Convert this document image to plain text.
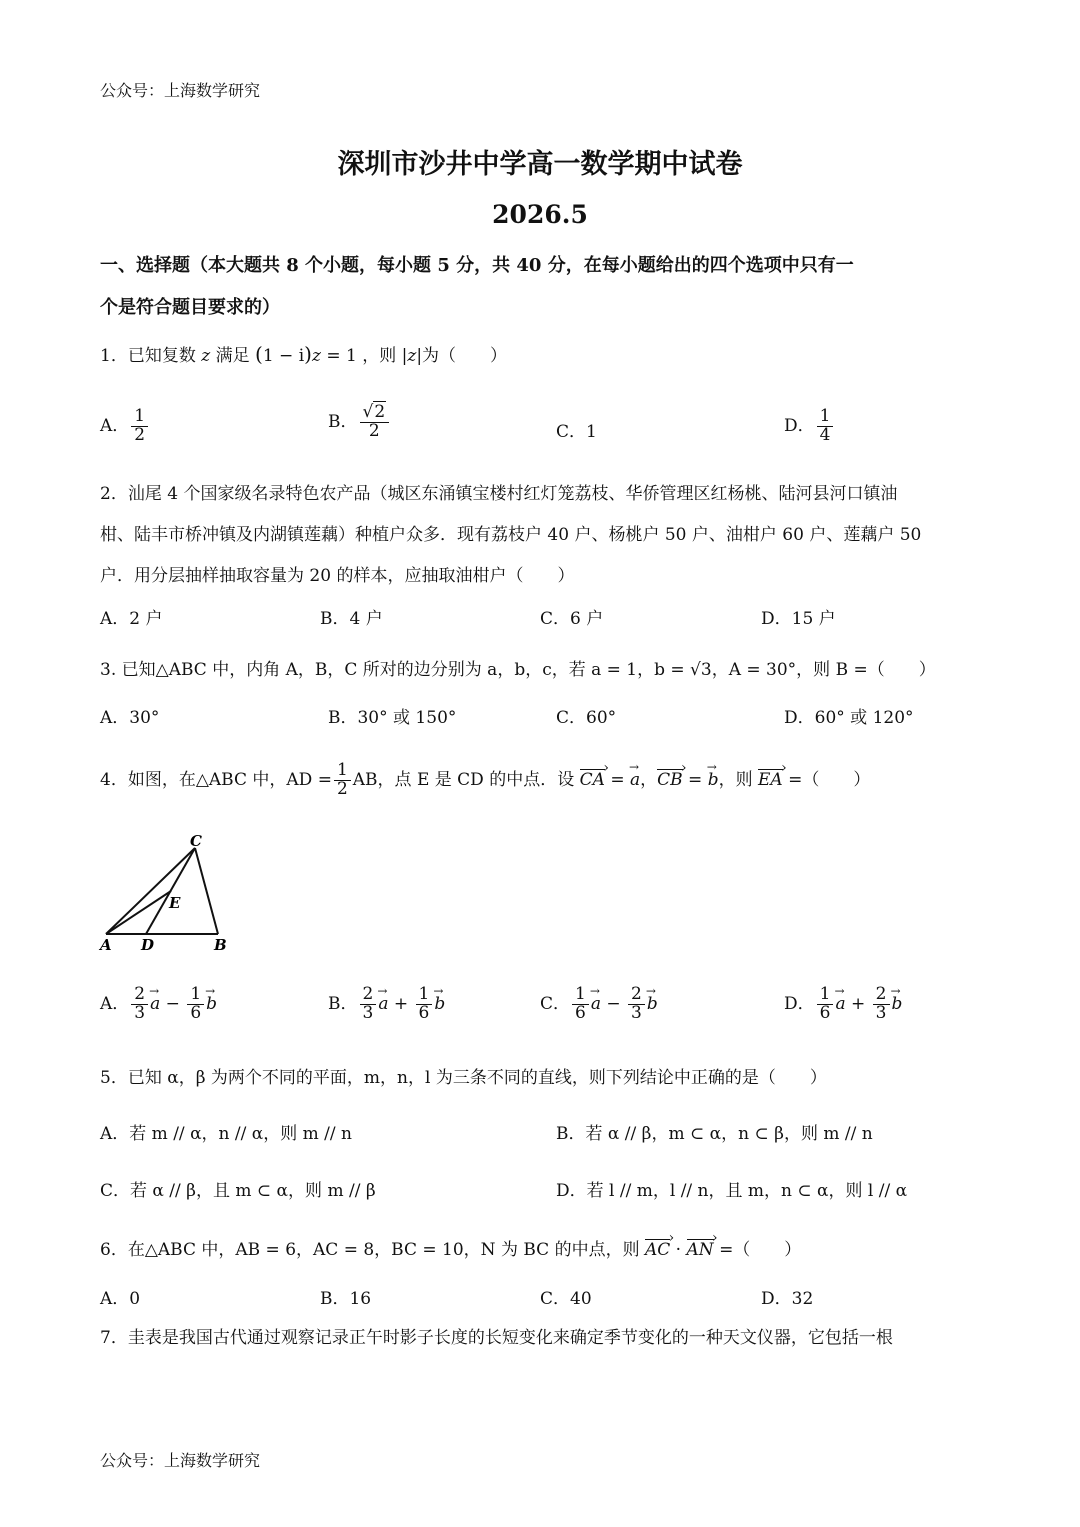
公众号：上海数学研究
深圳市沙井中学高一数学期中试卷
2026.5
一、选择题（本大题共 8 个小题，每小题 5 分，共 40 分，在每小题给出的四个选项中只有一
个是符合题目要求的）
1．已知复数 z 满足 (1 − i)z = 1 ，则 |z|为（　　）
A． $\frac{1}{2}$	B． $\frac{√2}{2}$	C．1	D． $\frac{1}{4}$
2．汕尾 4 个国家级名录特色农产品（城区东涌镇宝楼村红灯笼荔枝、华侨管理区红杨桃、陆河县河口镇油
柑、陆丰市桥冲镇及内湖镇莲藕）种植户众多．现有荔枝户 40 户、杨桃户 50 户、油柑户 60 户、莲藕户 50
户．用分层抽样抽取容量为 20 的样本，应抽取油柑户（　　）
A．2 户	B．4 户	C．6 户	D．15 户
3. 已知△ABC 中，内角 A，B，C 所对的边分别为 a，b，c，若 a = 1，b = √3，A = 30°，则 B =（　　）
A．30°	B．30° 或 150°	C．60°	D．60° 或 120°
4．如图，在△ABC 中，AD = $\frac{1}{2}$ AB，点 E 是 CD 的中点．设 CA › = a →，CB › = b →，则 EA › =（　　）
C
E
A D	B
A． $\frac{2}{3}$ a → − $\frac{1}{6}$ b →	B． $\frac{2}{3}$ a → + $\frac{1}{6}$ b →	C． $\frac{1}{6}$ a → − $\frac{2}{3}$ b →	D． $\frac{1}{6}$ a → + $\frac{2}{3}$ b →
5．已知 α，β 为两个不同的平面，m，n，l 为三条不同的直线，则下列结论中正确的是（　　）
A．若 m // α，n // α，则 m // n	B．若 α // β，m ⊂ α，n ⊂ β，则 m // n
C．若 α // β，且 m ⊂ α，则 m // β	D．若 l // m，l // n，且 m，n ⊂ α，则 l // α
6．在△ABC 中，AB = 6，AC = 8，BC = 10，N 为 BC 的中点，则 AC › · AN › =（　　）
A．0	B．16	C．40	D．32
7．圭表是我国古代通过观察记录正午时影子长度的长短变化来确定季节变化的一种天文仪器，它包括一根
公众号：上海数学研究
